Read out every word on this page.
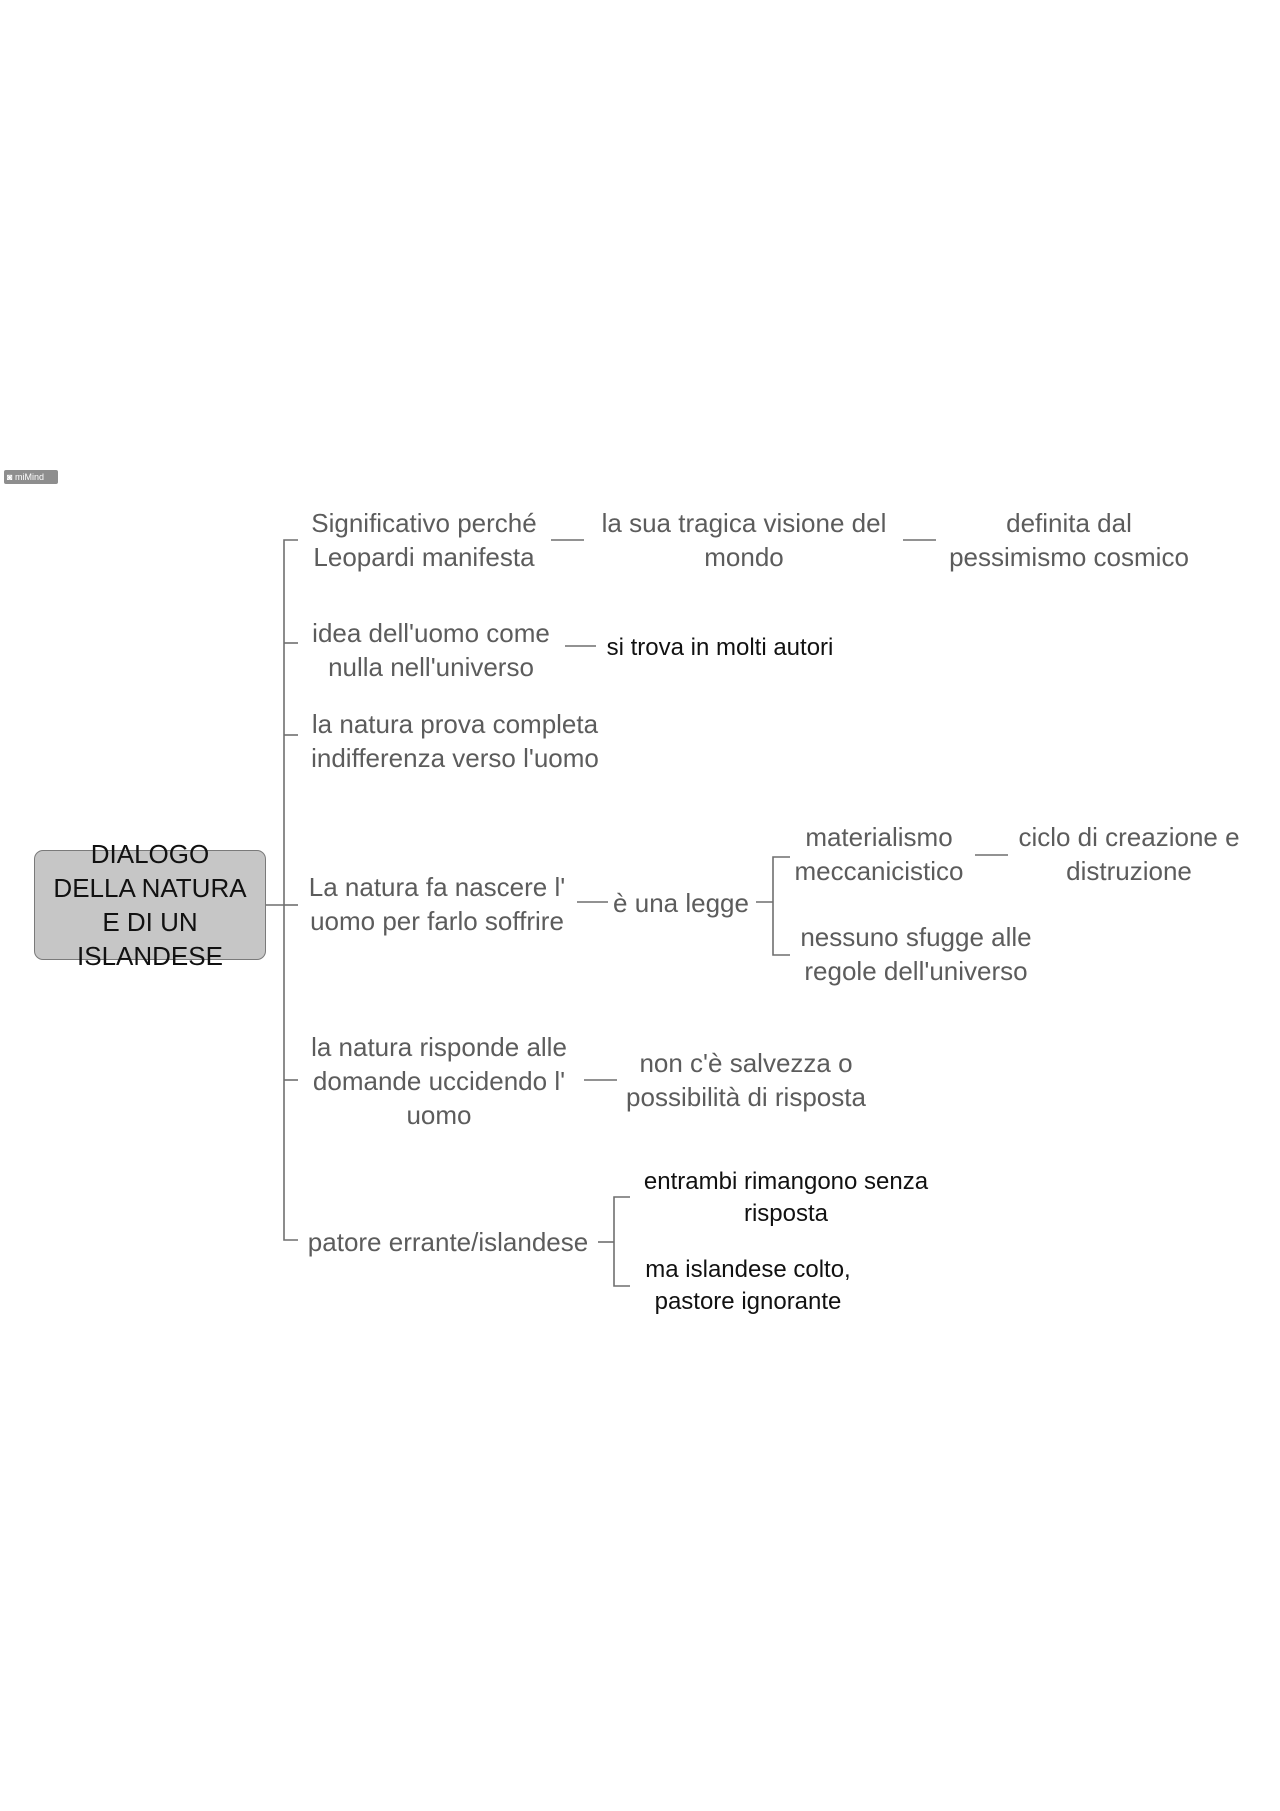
◙ miMind
DIALOGO DELLA NATURA E DI UN ISLANDESE
Significativo perché Leopardi manifesta
idea dell'uomo come nulla nell'universo
la natura prova completa indifferenza verso l'uomo
La natura fa nascere l' uomo per farlo soffrire
la natura risponde alle domande uccidendo l' uomo
patore errante/islandese
la sua tragica visione del mondo
definita dal pessimismo cosmico
si trova in molti autori
è una legge
materialismo meccanicistico
ciclo di creazione e distruzione
nessuno sfugge alle regole dell'universo
non c'è salvezza o possibilità di risposta
entrambi rimangono senza risposta
ma islandese colto, pastore ignorante
